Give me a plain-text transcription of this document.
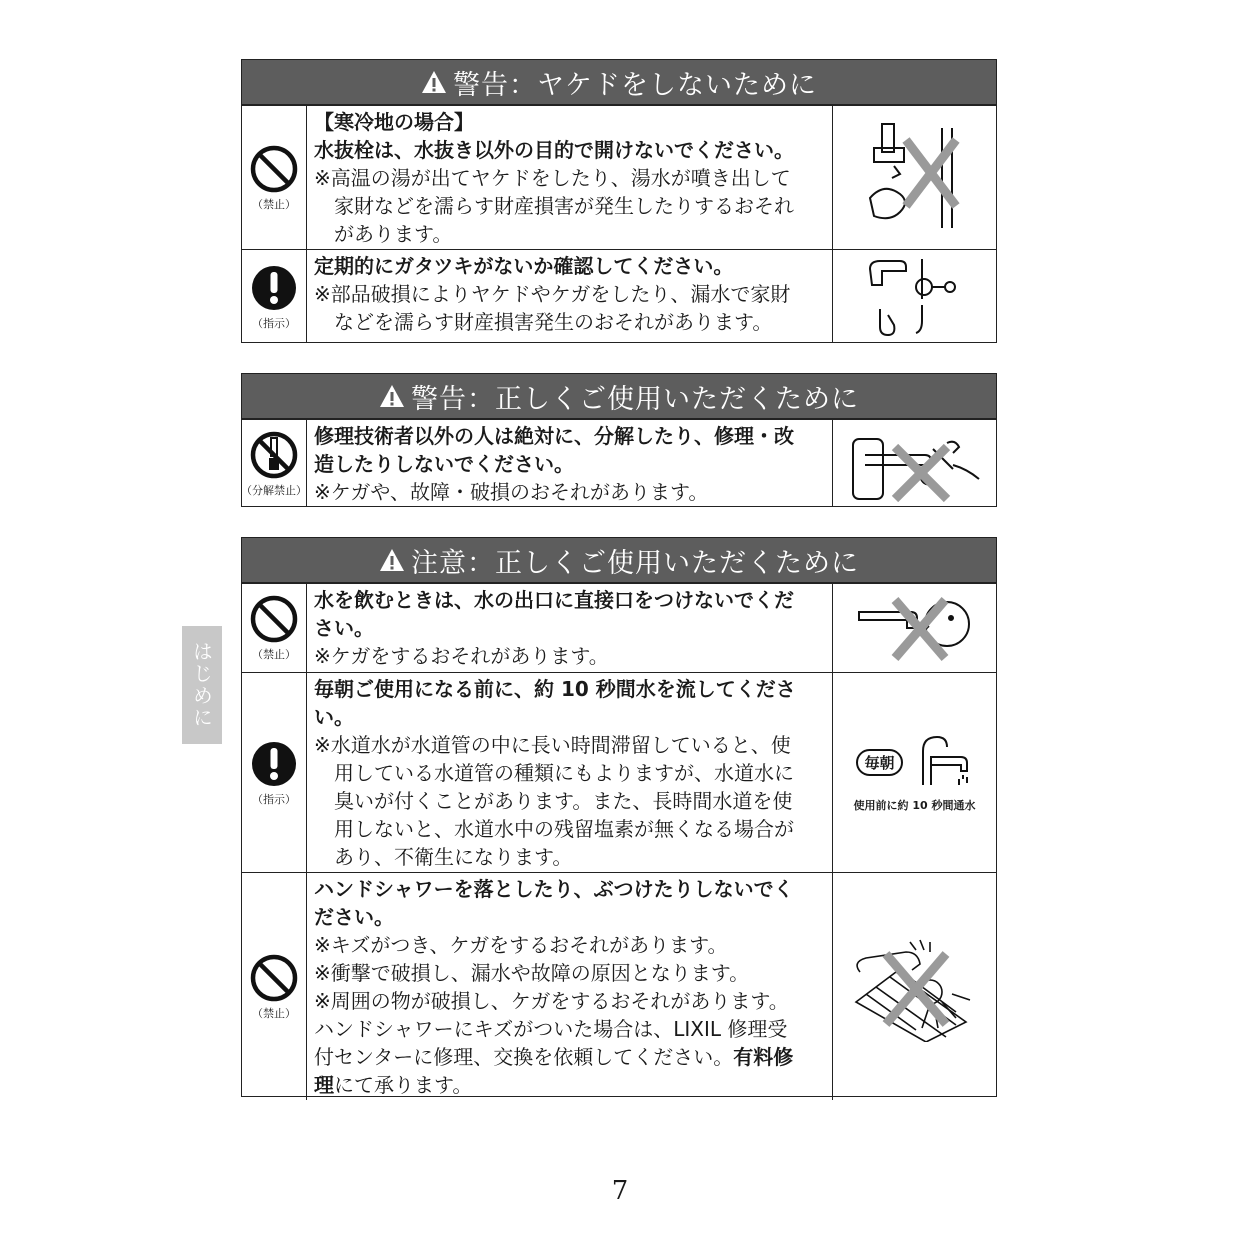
警告：ヤケドをしないために
（禁止）
【寒冷地の場合】
水抜栓は、水抜き以外の目的で開けないでください。
※高温の湯が出てヤケドをしたり、湯水が噴き出して
家財などを濡らす財産損害が発生したりするおそれ
があります。
（指示）
定期的にガタツキがないか確認してください。
※部品破損によりヤケドやケガをしたり、漏水で家財
などを濡らす財産損害発生のおそれがあります。
警告：正しくご使用いただくために
（分解禁止）
修理技術者以外の人は絶対に、分解したり、修理・改
造したりしないでください。
※ケガや、故障・破損のおそれがあります。
注意：正しくご使用いただくために
（禁止）
水を飲むときは、水の出口に直接口をつけないでくだ
さい。
※ケガをするおそれがあります。
（指示）
毎朝ご使用になる前に、約 10 秒間水を流してくださ
い。
※水道水が水道管の中に長い時間滞留していると、使
用している水道管の種類にもよりますが、水道水に
臭いが付くことがあります。また、長時間水道を使
用しないと、水道水中の残留塩素が無くなる場合が
あり、不衛生になります。
毎朝
使用前に約 10 秒間通水
（禁止）
ハンドシャワーを落としたり、ぶつけたりしないでく
ださい。
※キズがつき、ケガをするおそれがあります。
※衝撃で破損し、漏水や故障の原因となります。
※周囲の物が破損し、ケガをするおそれがあります。
ハンドシャワーにキズがついた場合は、LIXIL 修理受
付センターに修理、交換を依頼してください。有料修
理にて承ります。
はじめに
7
